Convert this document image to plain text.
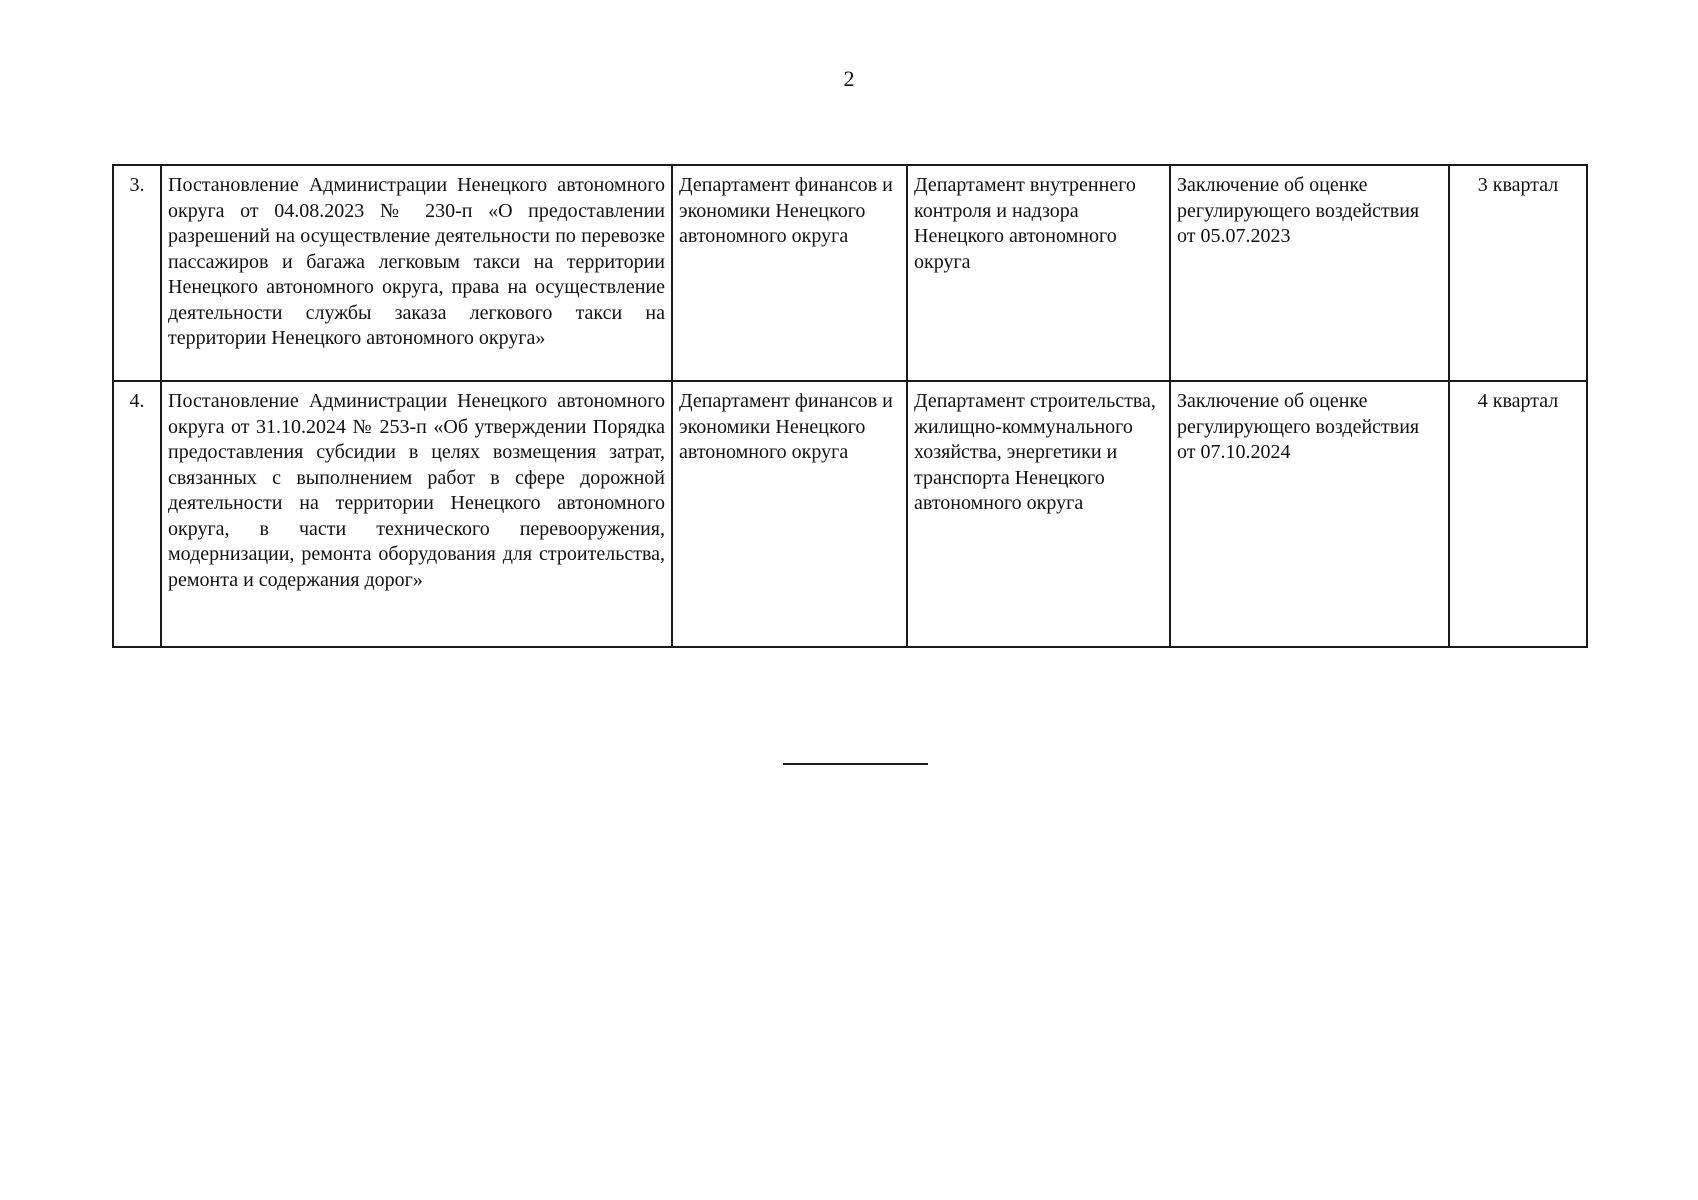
2
3.	Постановление Администрации Ненецкого автономного округа от 04.08.2023 № 230-п «О предоставлении разрешений на осуществление деятельности по перевозке пассажиров и багажа легковым такси на территории Ненецкого автономного округа, права на осуществление деятельности службы заказа легкового такси на территории Ненецкого автономного округа»	Департамент финансов и экономики Ненецкого автономного округа	Департамент внутреннего контроля и надзора Ненецкого автономного округа	Заключение об оценке регулирующего воздействия от 05.07.2023	3 квартал
4.	Постановление Администрации Ненецкого автономного округа от 31.10.2024 № 253-п «Об утверждении Порядка предоставления субсидии в целях возмещения затрат, связанных с выполнением работ в сфере дорожной деятельности на территории Ненецкого автономного округа, в части технического перевооружения, модернизации, ремонта оборудования для строительства, ремонта и содержания дорог»	Департамент финансов и экономики Ненецкого автономного округа	Департамент строительства, жилищно-коммунального хозяйства, энергетики и транспорта Ненецкого автономного округа	Заключение об оценке регулирующего воздействия от 07.10.2024	4 квартал
